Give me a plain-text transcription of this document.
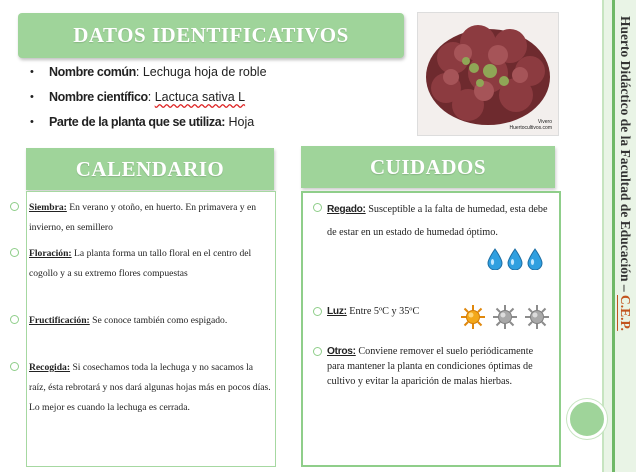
DATOS IDENTIFICATIVOS
Vivero
Huertocultivos.com
•	Nombre común: Lechuga hoja de roble
•	Nombre científico: Lactuca sativa L
•	Parte de la planta que se utiliza: Hoja
CALENDARIO
Siembra: En verano y otoño, en huerto. En primavera y en invierno, en semillero
Floración: La planta forma un tallo floral en el centro del cogollo y a su extremo flores compuestas
Fructificación: Se conoce también como espigado.
Recogida: Si cosechamos toda la lechuga y no sacamos la raíz, ésta rebrotará y nos dará algunas hojas más en pocos días. Lo mejor es cuando la lechuga es cerrada.
CUIDADOS
Regado: Susceptible a la falta de humedad, esta debe de estar en un estado de humedad óptimo.
Luz: Entre 5ºC y 35ºC
Otros: Conviene remover el suelo periódicamente para mantener la planta en condiciones óptimas de cultivo y evitar la aparición de malas hierbas.
Huerto Didáctico de la Facultad de Educación – C.E.P.
